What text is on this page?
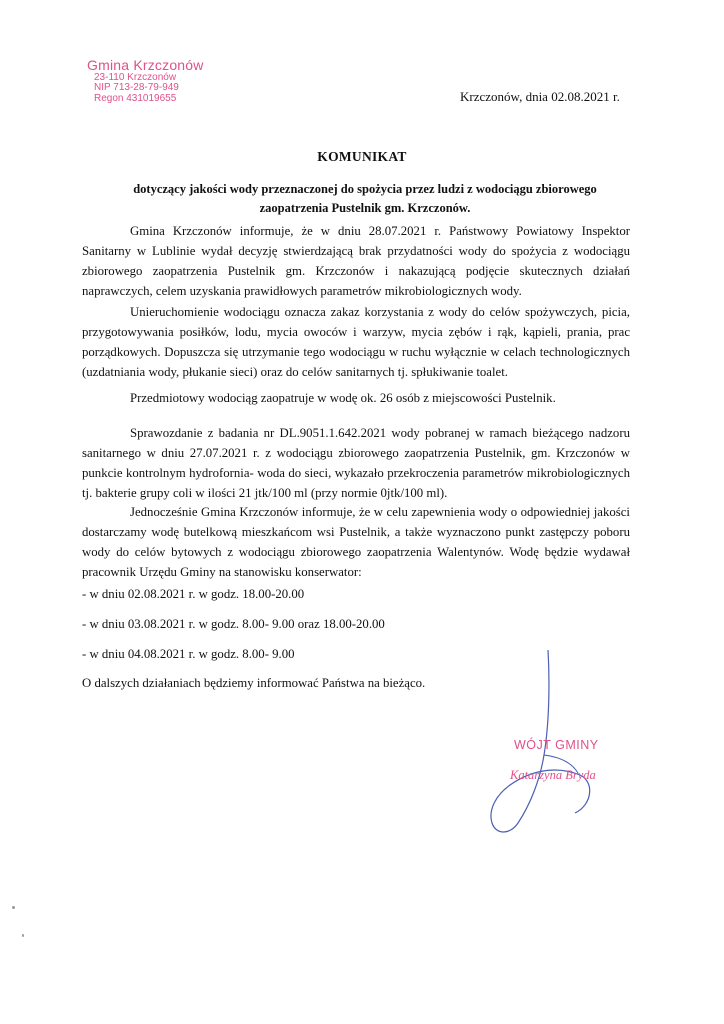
Gmina Krzczonów
23-110 Krzczonów
NIP 713-28-79-949
Regon 431019655	Krzczonów, dnia 02.08.2021 r.
KOMUNIKAT
dotyczący jakości wody przeznaczonej do spożycia przez ludzi z wodociągu zbiorowego
zaopatrzenia Pustelnik gm. Krzczonów.

Gmina Krzczonów informuje, że w dniu 28.07.2021 r. Państwowy Powiatowy Inspektor Sanitarny w Lublinie wydał decyzję stwierdzającą brak przydatności wody do spożycia z wodociągu zbiorowego zaopatrzenia Pustelnik gm. Krzczonów i nakazującą podjęcie skutecznych działań naprawczych, celem uzyskania prawidłowych parametrów mikrobiologicznych wody.

Unieruchomienie wodociągu oznacza zakaz korzystania z wody do celów spożywczych, picia, przygotowywania posiłków, lodu, mycia owoców i warzyw, mycia zębów i rąk, kąpieli, prania, prac porządkowych. Dopuszcza się utrzymanie tego wodociągu w ruchu wyłącznie w celach technologicznych (uzdatniania wody, płukanie sieci) oraz do celów sanitarnych tj. spłukiwanie toalet.

Przedmiotowy wodociąg zaopatruje w wodę ok. 26 osób z miejscowości Pustelnik.

Sprawozdanie z badania nr DL.9051.1.642.2021 wody pobranej w ramach bieżącego nadzoru sanitarnego w dniu 27.07.2021 r. z wodociągu zbiorowego zaopatrzenia Pustelnik, gm. Krzczonów w punkcie kontrolnym hydrofornia- woda do sieci, wykazało przekroczenia parametrów mikrobiologicznych tj. bakterie grupy coli w ilości 21 jtk/100 ml (przy normie 0jtk/100 ml).

Jednocześnie Gmina Krzczonów informuje, że w celu zapewnienia wody o odpowiedniej jakości dostarczamy wodę butelkową mieszkańcom wsi Pustelnik, a także wyznaczono punkt zastępczy poboru wody do celów bytowych z wodociągu zbiorowego zaopatrzenia Walentynów. Wodę będzie wydawał pracownik Urzędu Gminy na stanowisku konserwator:

- w dniu 02.08.2021 r. w godz. 18.00-20.00
- w dniu 03.08.2021 r. w godz. 8.00- 9.00 oraz 18.00-20.00
- w dniu 04.08.2021 r. w godz. 8.00- 9.00
O dalszych działaniach będziemy informować Państwa na bieżąco.
WÓJT GMINY
Katarzyna Bryda
